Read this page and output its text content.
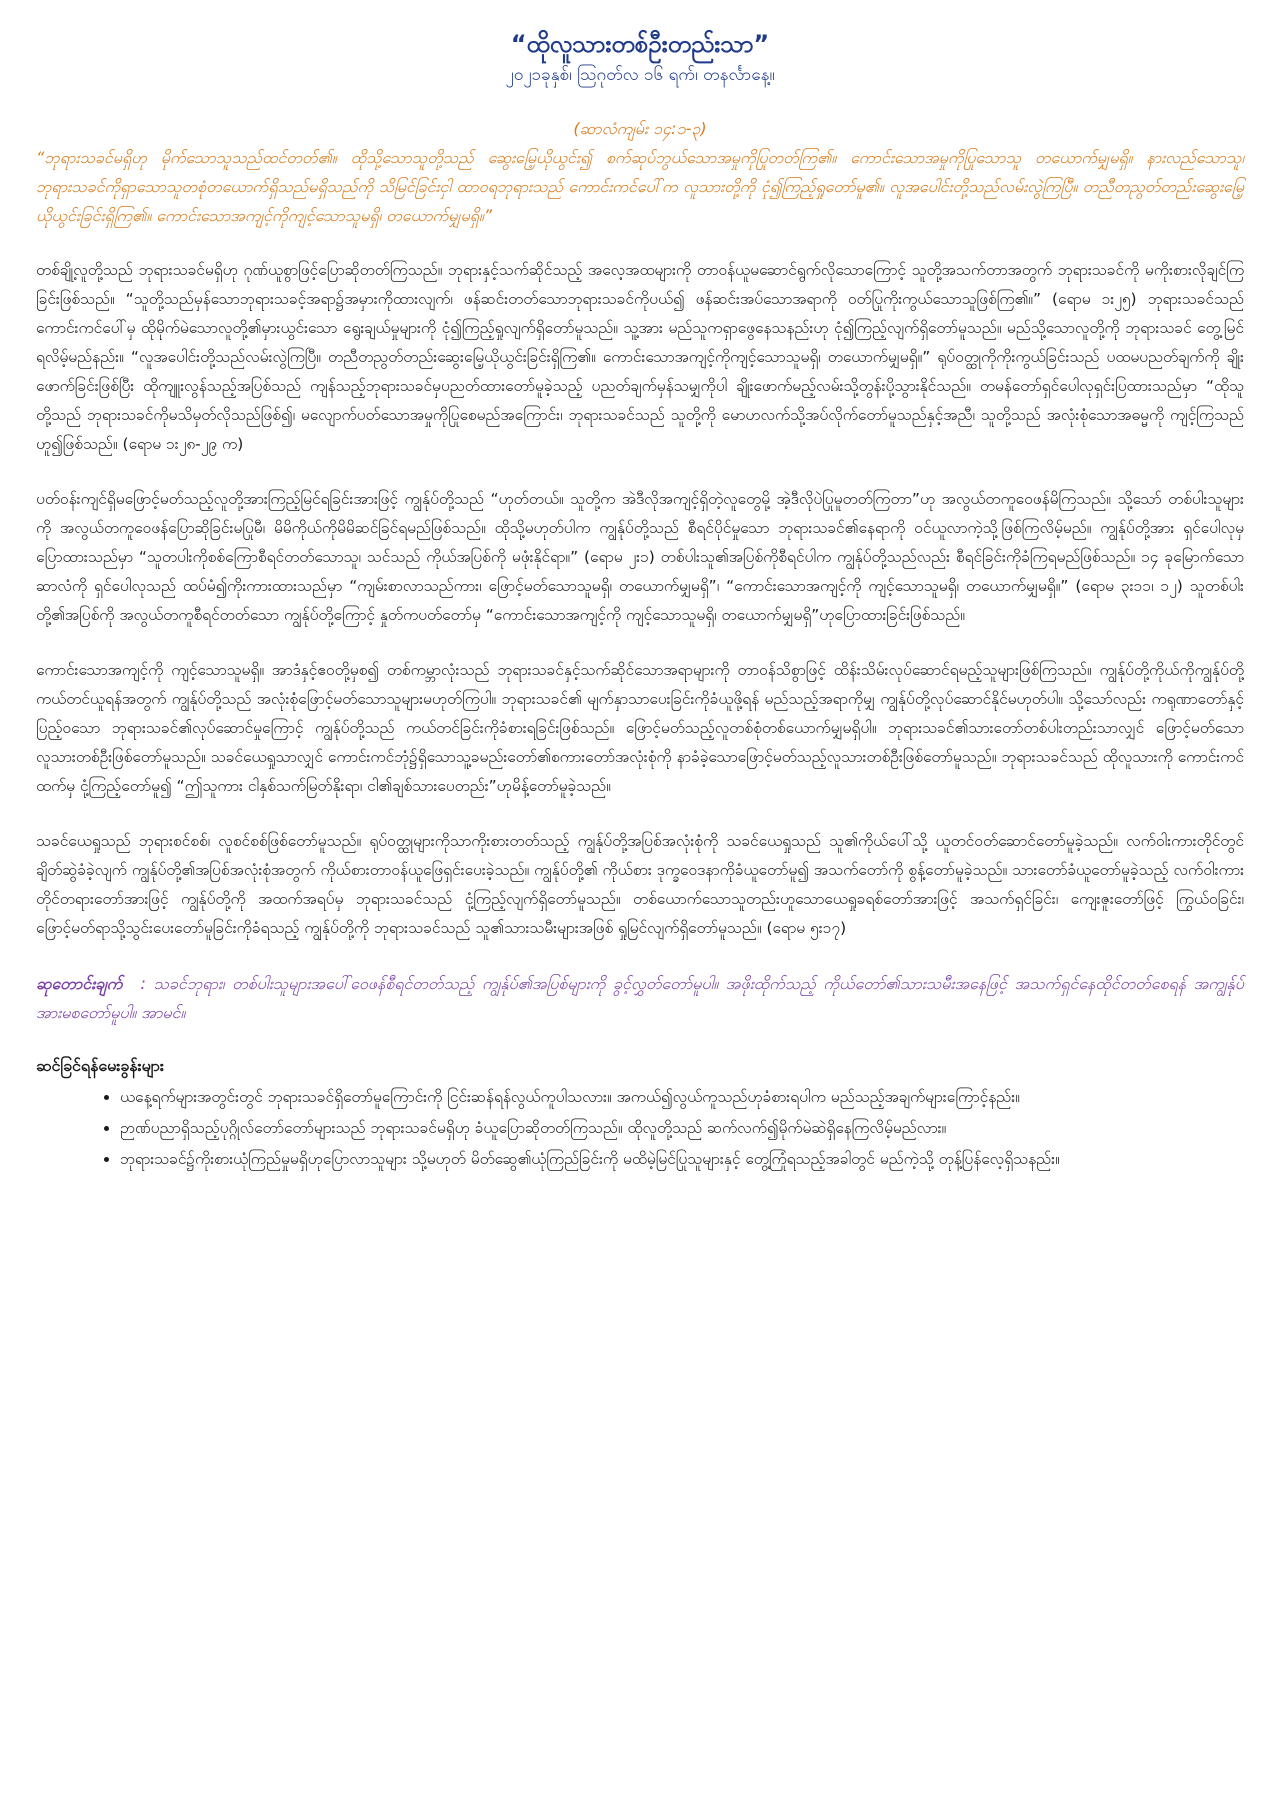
“ထိုလူသားတစ်ဦးတည်းသာ”
၂၀၂၁ခုနှစ်၊ ဩဂုတ်လ ၁၆ ရက်၊ တနင်္လာနေ့။
(ဆာလံကျမ်း ၁၄:၁-၃)
“ဘုရားသခင်မရှိဟု မိုက်သောသူသည်ထင်တတ်၏။ ထိုသို့သောသူတို့သည် ဆွေးမြေ့ယိုယွင်း၍ စက်ဆုပ်ဘွယ်သောအမှုကိုပြုတတ်ကြ၏။ ကောင်းသောအမှုကိုပြုသောသူ တယောက်မျှမရှိ။ နားလည်သောသူ၊ ဘုရားသခင်ကိုရှာသောသူတစုံတယောက်ရှိသည်မရှိသည်ကို သိမြင်ခြင်းငှါ ထာဝရဘုရားသည် ကောင်းကင်ပေါ်က လူသားတို့ကို ငုံ၍ကြည့်ရှုတော်မူ၏။ လူအပေါင်းတို့သည်လမ်းလွဲကြပြီ။ တညီတညွတ်တည်းဆွေးမြေ့ယိုယွင်းခြင်းရှိကြ၏။ ကောင်းသောအကျင့်ကိုကျင့်သောသူမရှိ၊ တယောက်မျှမရှိ။”
တစ်ချို့လူတို့သည် ဘုရားသခင်မရှိဟု ဂုဏ်ယူစွာဖြင့်ပြောဆိုတတ်ကြသည်။ ဘုရားနှင့်သက်ဆိုင်သည့် အလေ့အထများကို တာဝန်ယူမဆောင်ရွက်လိုသောကြောင့် သူတို့အသက်တာအတွက် ဘုရားသခင်ကို မကိုးစားလိုချင်ကြခြင်းဖြစ်သည်။ “သူတို့သည်မှန်သောဘုရားသခင့်အရာ၌အမှားကိုထားလျက်၊ ဖန်ဆင်းတတ်သောဘုရားသခင်ကိုပယ်၍ ဖန်ဆင်းအပ်သောအရာကို ဝတ်ပြုကိုးကွယ်သောသူဖြစ်ကြ၏။” (ရောမ ၁း၂၅) ဘုရားသခင်သည် ကောင်းကင်ပေါ်မှ ထိုမိုက်မဲသောလူတို့၏မှားယွင်းသော ရွေးချယ်မှုများကို ငုံ၍ကြည့်ရှုလျက်ရှိတော်မူသည်။ သူ့အား မည်သူကရှာဖွေနေသနည်းဟု ငုံ၍ကြည့်လျက်ရှိတော်မူသည်။ မည်သို့သောလူတို့ကို ဘုရားသခင် တွေ့မြင်ရလိမ့်မည်နည်း။ “လူအပေါင်းတို့သည်လမ်းလွဲကြပြီ။ တညီတညွတ်တည်းဆွေးမြေ့ယိုယွင်းခြင်းရှိကြ၏။ ကောင်းသောအကျင့်ကိုကျင့်သောသူမရှိ၊ တယောက်မျှမရှိ။” ရုပ်ဝတ္ထုကိုကိုးကွယ်ခြင်းသည် ပထမပညတ်ချက်ကို ချိုးဖောက်ခြင်းဖြစ်ပြီး ထိုကျူးလွန်သည့်အပြစ်သည် ကျန်သည့်ဘုရားသခင်မှပညတ်ထားတော်မူခဲ့သည့် ပညတ်ချက်မှန်သမျှကိုပါ ချိုးဖောက်မည့်လမ်းသို့တွန်းပို့သွားနိုင်သည်။ တမန်တော်ရှင်ပေါလုရှင်းပြထားသည်မှာ “ထိုသူတို့သည် ဘုရားသခင်ကိုမသိမှတ်လိုသည်ဖြစ်၍၊ မလျောက်ပတ်သောအမှုကိုပြုစေမည်အကြောင်း၊ ဘုရားသခင်သည် သူတို့ကို မောဟလက်သို့အပ်လိုက်တော်မူသည်နှင့်အညီ၊ သူတို့သည် အလုံးစုံသောအဓမ္မကို ကျင့်ကြသည်ဟူ၍ဖြစ်သည်။ (ရောမ ၁း၂၈-၂၉ က)
ပတ်ဝန်းကျင်ရှိမဖြောင့်မတ်သည့်လူတို့အားကြည့်မြင်ရခြင်းအားဖြင့် ကျွန်ုပ်တို့သည် “ဟုတ်တယ်။ သူတို့က အဲဒီလိုအကျင့်ရှိတဲ့လူတွေမို့ အဲ့ဒီလိုပဲပြုမူတတ်ကြတာ”ဟု အလွယ်တကူဝေဖန်မိကြသည်။ သို့သော် တစ်ပါးသူများကို အလွယ်တကူဝေဖန်ပြောဆိုခြင်းမပြုမီ၊ မိမိကိုယ်ကိုမိမိဆင်ခြင်ရမည်ဖြစ်သည်။ ထိုသို့မဟုတ်ပါက ကျွန်ုပ်တို့သည် စီရင်ပိုင်မှုသော ဘုရားသခင်၏နေရာကို ဝင်ယူလာကဲ့သို့ဖြစ်ကြလိမ့်မည်။ ကျွန်ုပ်တို့အား ရှင်ပေါလုမှပြောထားသည်မှာ “သူတပါးကိုစစ်ကြောစီရင်တတ်သောသူ၊ သင်သည် ကိုယ်အပြစ်ကို မဖုံးနိုင်ရာ။” (ရောမ ၂း၁) တစ်ပါးသူ၏အပြစ်ကိုစီရင်ပါက ကျွန်ုပ်တို့သည်လည်း စီရင်ခြင်းကိုခံကြရမည်ဖြစ်သည်။ ၁၄ ခုမြောက်သောဆာလံကို ရှင်ပေါလုသည် ထပ်မံ၍ကိုးကားထားသည်မှာ “ကျမ်းစာလာသည်ကား၊ ဖြောင့်မတ်သောသူမရှိ၊ တယောက်မျှမရှိ”၊ “ကောင်းသောအကျင့်ကို ကျင့်သောသူမရှိ၊ တယောက်မျှမရှိ။” (ရောမ ၃း၁၁၊ ၁၂) သူတစ်ပါးတို့၏အပြစ်ကို အလွယ်တကူစီရင်တတ်သော ကျွန်ုပ်တို့ကြောင့် နှုတ်ကပတ်တော်မှ “ကောင်းသောအကျင့်ကို ကျင့်သောသူမရှိ၊ တယောက်မျှမရှိ”ဟုပြောထားခြင်းဖြစ်သည်။
ကောင်းသောအကျင့်ကို ကျင့်သောသူမရှိ။ အာဒံနှင့်ဧဝတို့မှစ၍ တစ်ကမ္ဘာလုံးသည် ဘုရားသခင်နှင့်သက်ဆိုင်သောအရာများကို တာဝန်သိစွာဖြင့် ထိန်းသိမ်းလုပ်ဆောင်ရမည့်သူများဖြစ်ကြသည်။ ကျွန်ုပ်တို့ကိုယ်ကိုကျွန်ုပ်တို့ ကယ်တင်ယူရန်အတွက် ကျွန်ုပ်တို့သည် အလုံးစုံဖြောင့်မတ်သောသူများမဟုတ်ကြပါ။ ဘုရားသခင်၏ မျက်နှာသာပေးခြင်းကိုခံယူဖို့ရန် မည်သည့်အရာကိုမျှ ကျွန်ုပ်တို့လုပ်ဆောင်နိုင်မဟုတ်ပါ။ သို့သော်လည်း ကရုဏာတော်နှင့်ပြည့်ဝသော ဘုရားသခင်၏လုပ်ဆောင်မှုကြောင့် ကျွန်ုပ်တို့သည် ကယ်တင်ခြင်းကိုခံစားရခြင်းဖြစ်သည်။ ဖြောင့်မတ်သည့်လူတစ်စုံတစ်ယောက်မျှမရှိပါ။ ဘုရားသခင်၏သားတော်တစ်ပါးတည်းသာလျှင် ဖြောင့်မတ်သောလူသားတစ်ဦးဖြစ်တော်မူသည်။ သခင်ယေရှုသာလျှင် ကောင်းကင်ဘုံ၌ရှိသောသူ့ခမည်းတော်၏စကားတော်အလုံးစုံကို နာခံခဲ့သောဖြောင့်မတ်သည့်လူသားတစ်ဦးဖြစ်တော်မူသည်။ ဘုရားသခင်သည် ထိုလူသားကို ကောင်းကင်ထက်မှ ငုံ့ကြည့်တော်မူ၍ “ဤသူကား ငါနှစ်သက်မြတ်နိုးရာ၊ ငါ၏ချစ်သားပေတည်း”ဟုမိန့်တော်မူခဲ့သည်။
သခင်ယေရှုသည် ဘုရားစင်စစ်၊ လူစင်စစ်ဖြစ်တော်မူသည်။ ရုပ်ဝတ္ထုများကိုသာကိုးစားတတ်သည့် ကျွန်ုပ်တို့အပြစ်အလုံးစုံကို သခင်ယေရှုသည် သူ၏ကိုယ်ပေါ်သို့ ယူတင်ဝတ်ဆောင်တော်မူခဲ့သည်။ လက်ဝါးကားတိုင်တွင် ချိတ်ဆွဲခံခဲ့လျက် ကျွန်ုပ်တို့၏အပြစ်အလုံးစုံအတွက် ကိုယ်စားတာဝန်ယူဖြေရှင်းပေးခဲ့သည်။ ကျွန်ုပ်တို့၏ ကိုယ်စား ဒုက္ခဝေဒနာကိုခံယူတော်မူ၍ အသက်တော်ကို စွန့်တော်မူခဲ့သည်။ သားတော်ခံယူတော်မူခဲ့သည့် လက်ဝါးကားတိုင်တရားတော်အားဖြင့် ကျွန်ုပ်တို့ကို အထက်အရပ်မှ ဘုရားသခင်သည် ငုံ့ကြည့်လျက်ရှိတော်မူသည်။ တစ်ယောက်သောသူတည်းဟူသောယေရှုခရစ်တော်အားဖြင့် အသက်ရှင်ခြင်း၊ ကျေးဇူးတော်ဖြင့် ကြွယ်ဝခြင်း၊ ဖြောင့်မတ်ရာသို့သွင်းပေးတော်မူခြင်းကိုခံရသည့် ကျွန်ုပ်တို့ကို ဘုရားသခင်သည် သူ၏သားသမီးများအဖြစ် ရှုမြင်လျက်ရှိတော်မူသည်။ (ရောမ ၅း၁၇)
ဆုတောင်းချက် : သခင်ဘုရား၊ တစ်ပါးသူများအပေါ်ဝေဖန်စီရင်တတ်သည့် ကျွန်ုပ်၏အပြစ်များကို ခွင့်လွှတ်တော်မူပါ။ အဖိုးထိုက်သည့် ကိုယ်တော်၏သားသမီးအနေဖြင့် အသက်ရှင်နေထိုင်တတ်စေရန် အကျွန်ုပ်အားမစတော်မူပါ။ အာမင်။
ဆင်ခြင်ရန်မေးခွန်းများ
• ယနေ့ရက်များအတွင်းတွင် ဘုရားသခင်ရှိတော်မူကြောင်းကို ငြင်းဆန်ရန်လွယ်ကူပါသလား။ အကယ်၍လွယ်ကူသည်ဟုခံစားရပါက မည်သည့်အချက်များကြောင့်နည်း။
• ဉာဏ်ပညာရှိသည့်ပုဂ္ဂိုလ်တော်တော်များသည် ဘုရားသခင်မရှိဟု ခံယူပြောဆိုတတ်ကြသည်။ ထိုလူတို့သည် ဆက်လက်၍မိုက်မဲဆဲရှိနေကြလိမ့်မည်လား။
• ဘုရားသခင်၌ကိုးစားယုံကြည်မှုမရှိဟုပြောလာသူများ သို့မဟုတ် မိတ်ဆွေ၏ယုံကြည်ခြင်းကို မထိမဲ့မြင်ပြုသူများနှင့် တွေ့ကြုံရသည့်အခါတွင် မည်ကဲ့သို့ တုန့်ပြန်လေ့ရှိသနည်း။
